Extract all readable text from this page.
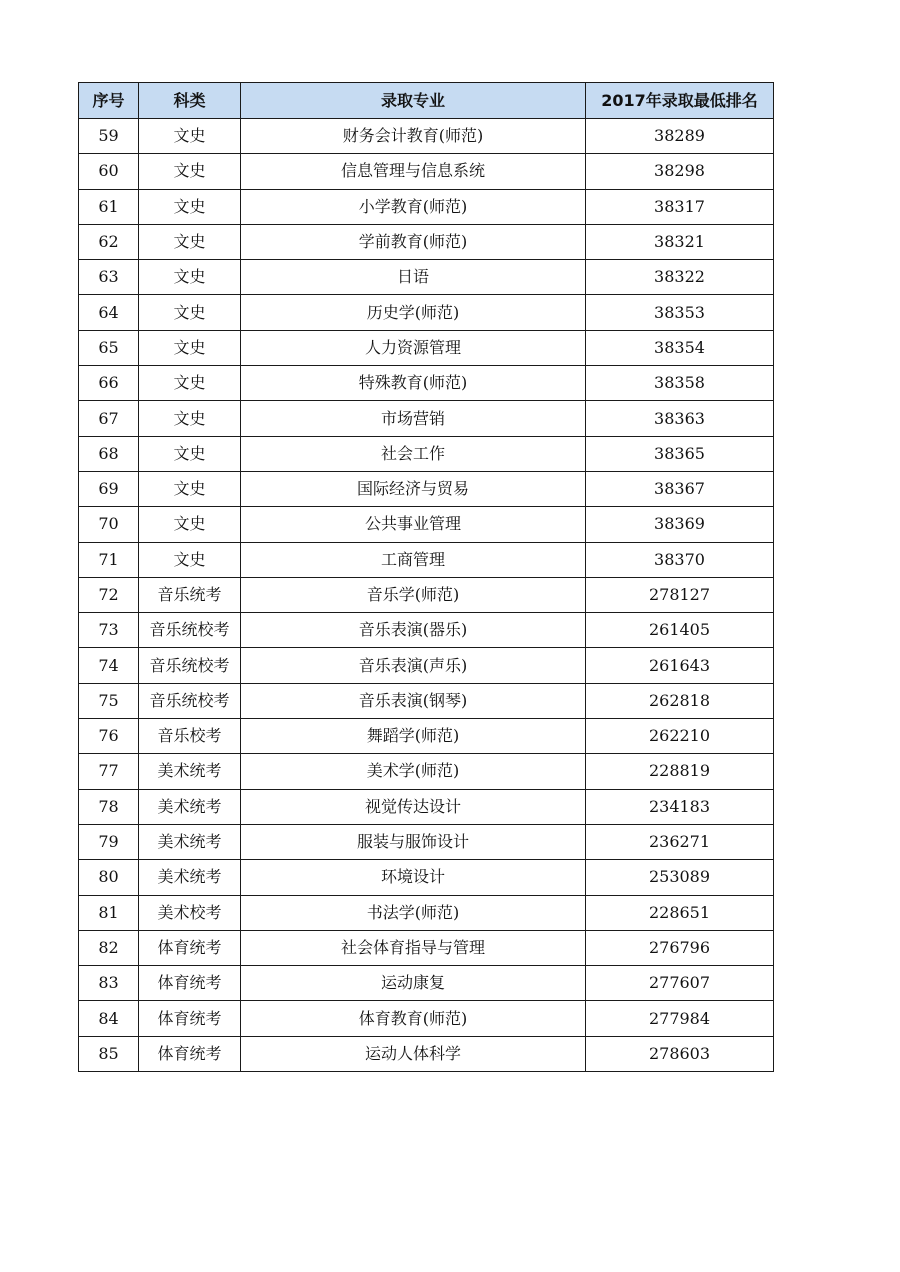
序号	科类	录取专业	2017年录取最低排名
59	文史	财务会计教育(师范)	38289
60	文史	信息管理与信息系统	38298
61	文史	小学教育(师范)	38317
62	文史	学前教育(师范)	38321
63	文史	日语	38322
64	文史	历史学(师范)	38353
65	文史	人力资源管理	38354
66	文史	特殊教育(师范)	38358
67	文史	市场营销	38363
68	文史	社会工作	38365
69	文史	国际经济与贸易	38367
70	文史	公共事业管理	38369
71	文史	工商管理	38370
72	音乐统考	音乐学(师范)	278127
73	音乐统校考	音乐表演(器乐)	261405
74	音乐统校考	音乐表演(声乐)	261643
75	音乐统校考	音乐表演(钢琴)	262818
76	音乐校考	舞蹈学(师范)	262210
77	美术统考	美术学(师范)	228819
78	美术统考	视觉传达设计	234183
79	美术统考	服装与服饰设计	236271
80	美术统考	环境设计	253089
81	美术校考	书法学(师范)	228651
82	体育统考	社会体育指导与管理	276796
83	体育统考	运动康复	277607
84	体育统考	体育教育(师范)	277984
85	体育统考	运动人体科学	278603
